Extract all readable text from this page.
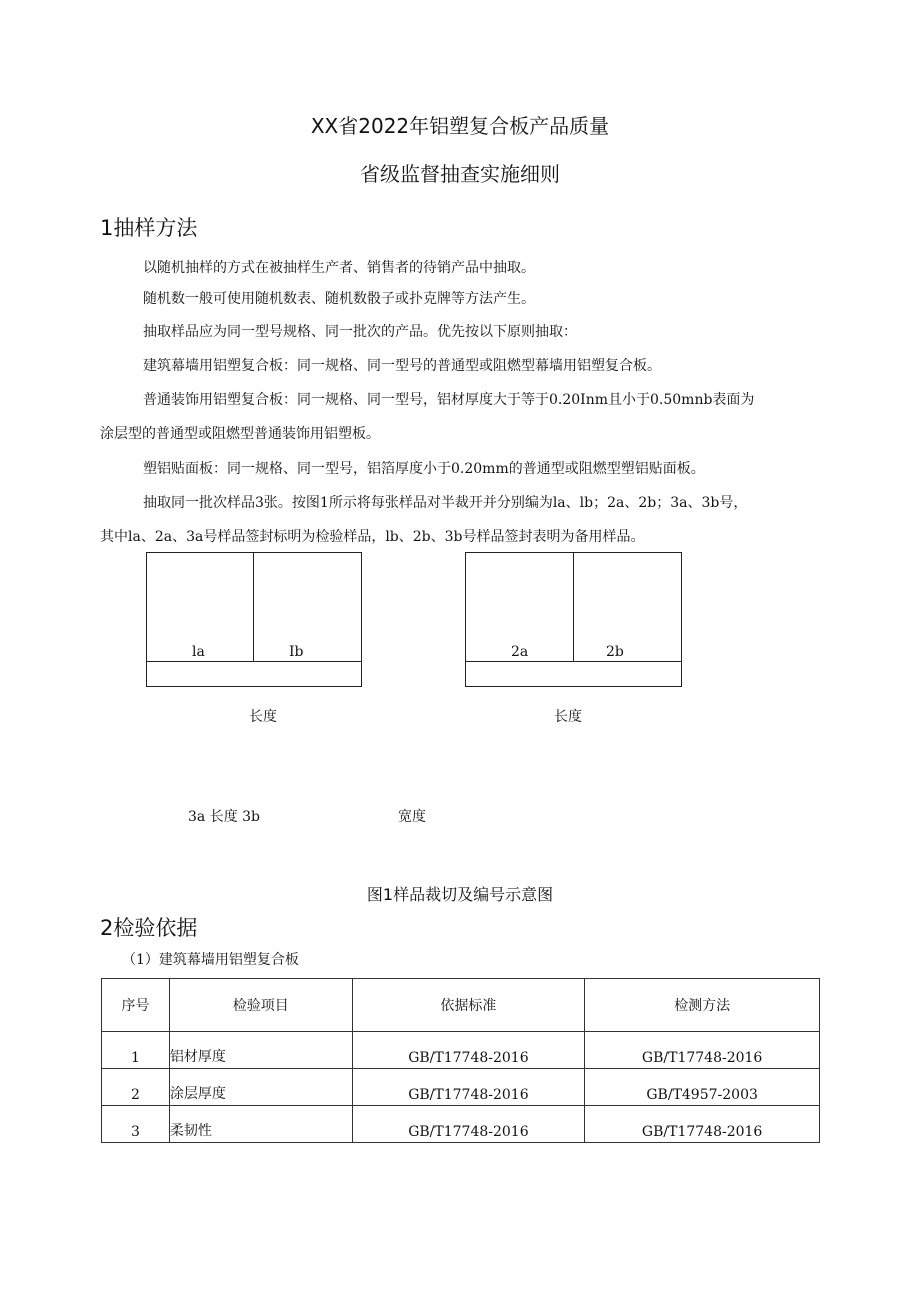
XX省2022年铝塑复合板产品质量
省级监督抽查实施细则
1抽样方法
以随机抽样的方式在被抽样生产者、销售者的待销产品中抽取。
随机数一般可使用随机数表、随机数骰子或扑克牌等方法产生。
抽取样品应为同一型号规格、同一批次的产品。优先按以下原则抽取：
建筑幕墙用铝塑复合板：同一规格、同一型号的普通型或阻燃型幕墙用铝塑复合板。
普通装饰用铝塑复合板：同一规格、同一型号，铝材厚度大于等于0.20Inm且小于0.50mnb表面为
涂层型的普通型或阻燃型普通装饰用铝塑板。
塑铝贴面板：同一规格、同一型号，铝箔厚度小于0.20mm的普通型或阻燃型塑铝贴面板。
抽取同一批次样品3张。按图1所示将每张样品对半裁开并分别编为la、lb；2a、2b；3a、3b号，
其中la、2a、3a号样品签封标明为检验样品，lb、2b、3b号样品签封表明为备用样品。
la	Ib	2a	2b
长度	长度
3a 长度 3b	宽度
图1样品裁切及编号示意图
2检验依据
（1）建筑幕墙用铝塑复合板
序号	检验项目	依据标准	检测方法
1	铝材厚度	GB/T17748-2016	GB/T17748-2016
2	涂层厚度	GB/T17748-2016	GB/T4957-2003
3	柔韧性	GB/T17748-2016	GB/T17748-2016
